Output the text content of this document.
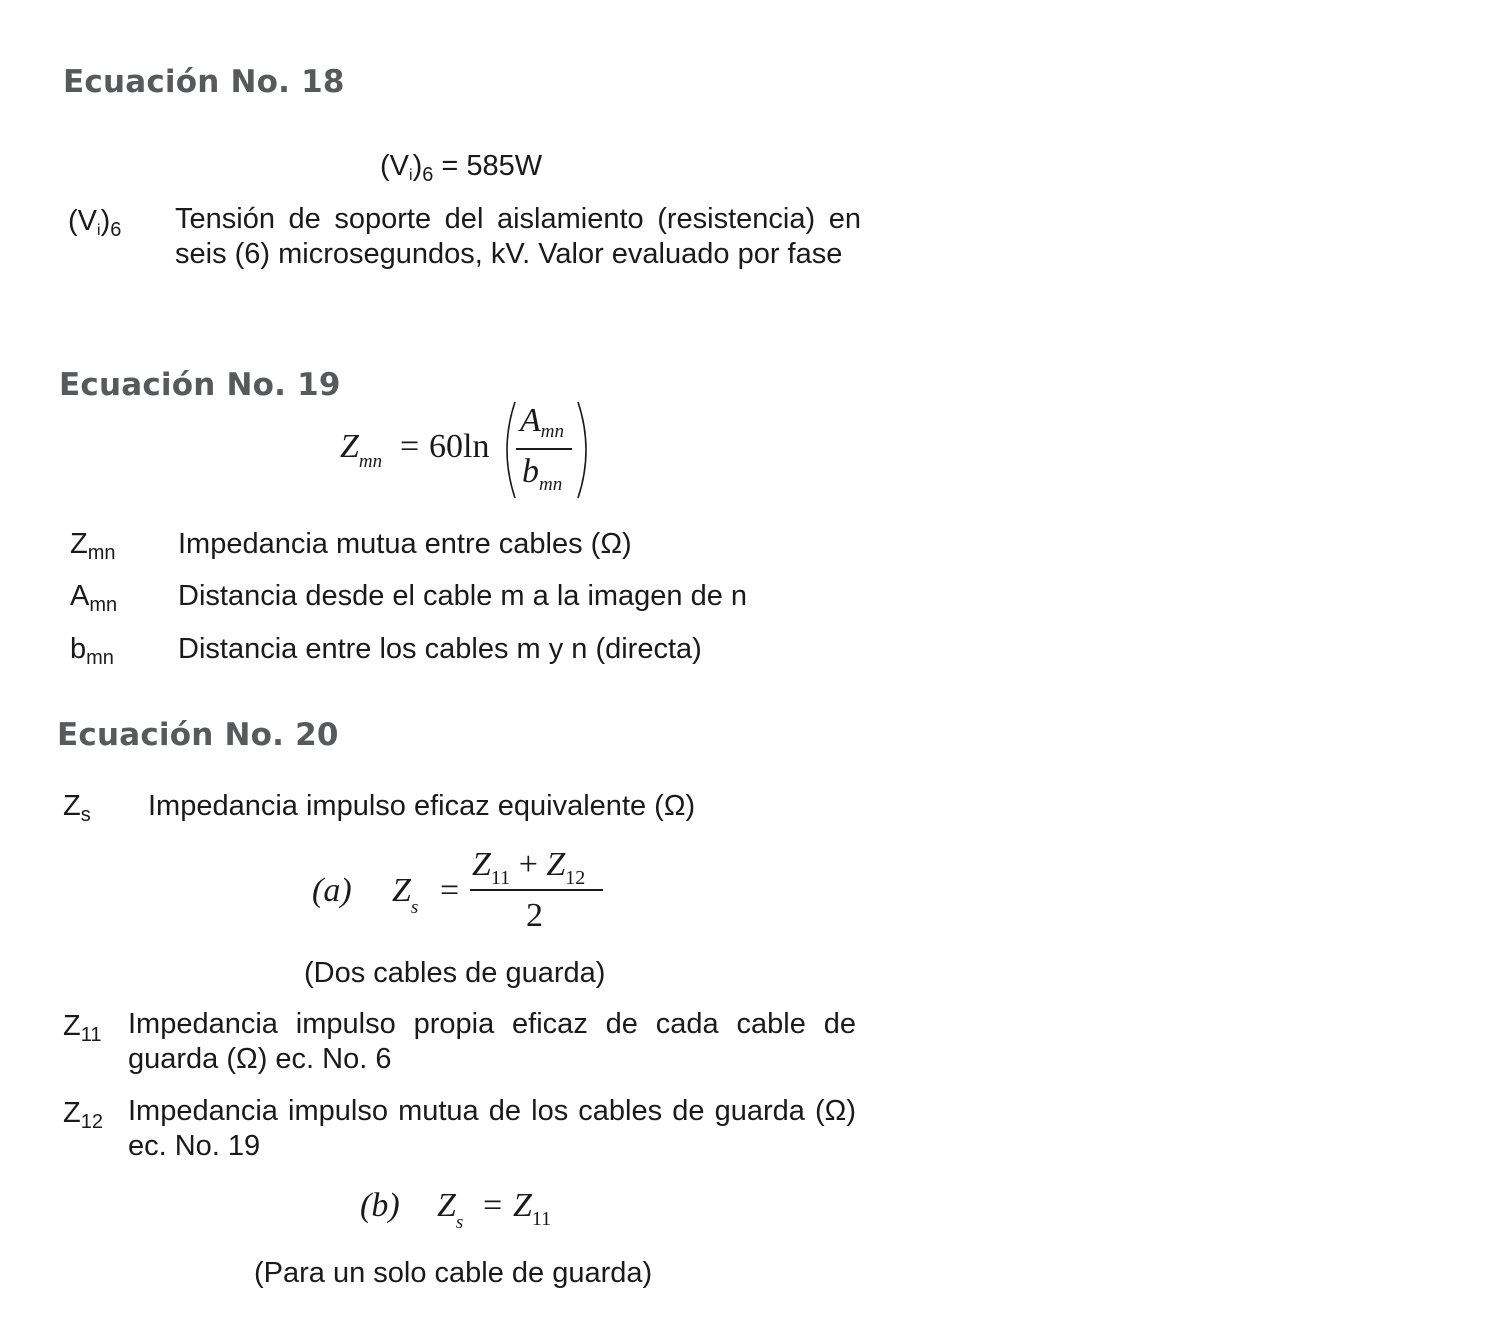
Ecuación No. 18
$(Vi)_6 = 585W$
$(Vi)_6$ Tensión de soporte del aislamiento (resistencia) en seis (6) microsegundos, kV. Valor evaluado por fase
Ecuación No. 19
$Z_{mn} = 60\ln$
Amn
$b_{mn}$
$Z_{mn}$ Impedancia mutua entre cables (Ω)
$A_{mn}$ Distancia desde el cable m a la imagen de n
$b_{mn}$ Distancia entre los cables m y n (directa)
Ecuación No. 20
$Z_s$ Impedancia impulso eficaz equivalente (Ω)
(a) $Z_s$ =
$Z_{11} + Z_{12}$
2
(Dos cables de guarda)
$Z_{11}$ Impedancia impulso propia eficaz de cada cable de guarda (Ω) ec. No. 6
$Z_{12}$ Impedancia impulso mutua de los cables de guarda (Ω) ec. No. 19
(b) $Z_s = Z_{11}$
(Para un solo cable de guarda)
